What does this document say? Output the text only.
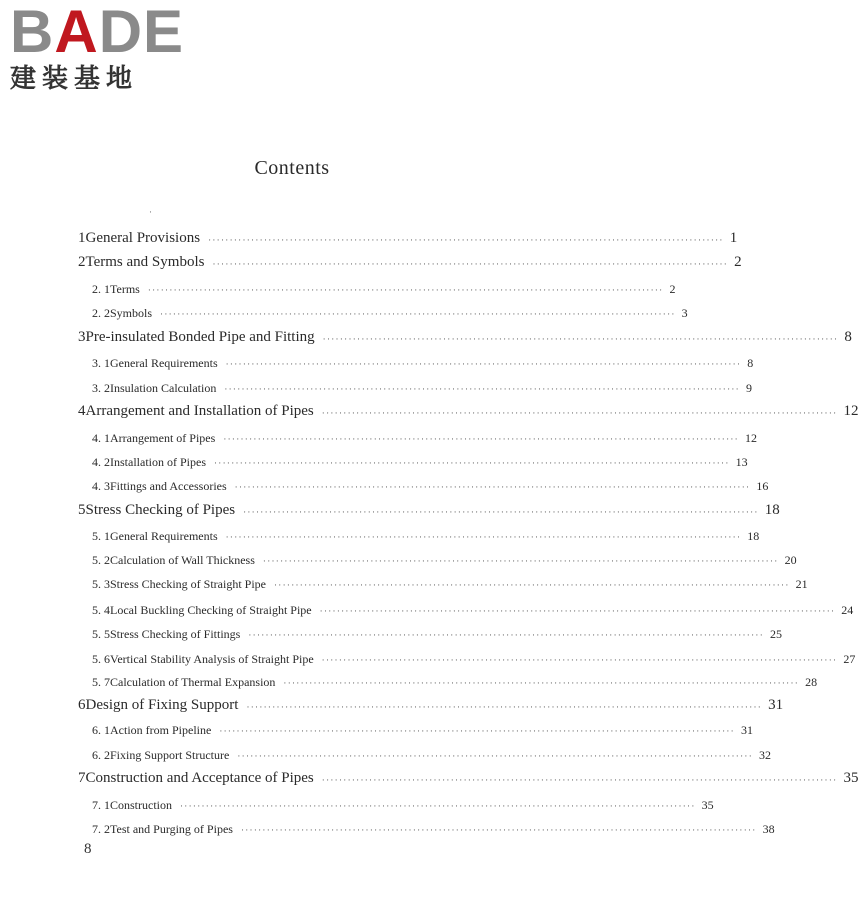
BADE
建装基地
Contents
·
1 General Provisions ························································································································ 1
2 Terms and Symbols ························································································································ 2
2. 1 Terms ························································································································ 2
2. 2 Symbols ························································································································ 3
3 Pre-insulated Bonded Pipe and Fitting ························································································································ 8
3. 1 General Requirements ························································································································ 8
3. 2 Insulation Calculation ························································································································ 9
4 Arrangement and Installation of Pipes ························································································································ 12
4. 1 Arrangement of Pipes ························································································································ 12
4. 2 Installation of Pipes ························································································································ 13
4. 3 Fittings and Accessories ························································································································ 16
5 Stress Checking of Pipes ························································································································ 18
5. 1 General Requirements ························································································································ 18
5. 2 Calculation of Wall Thickness ························································································································ 20
5. 3 Stress Checking of Straight Pipe ························································································································ 21
5. 4 Local Buckling Checking of Straight Pipe ························································································································ 24
5. 5 Stress Checking of Fittings ························································································································ 25
5. 6 Vertical Stability Analysis of Straight Pipe ························································································································ 27
5. 7 Calculation of Thermal Expansion ························································································································ 28
6 Design of Fixing Support ························································································································ 31
6. 1 Action from Pipeline ························································································································ 31
6. 2 Fixing Support Structure ························································································································ 32
7 Construction and Acceptance of Pipes ························································································································ 35
7. 1 Construction ························································································································ 35
7. 2 Test and Purging of Pipes ························································································································ 38
8
